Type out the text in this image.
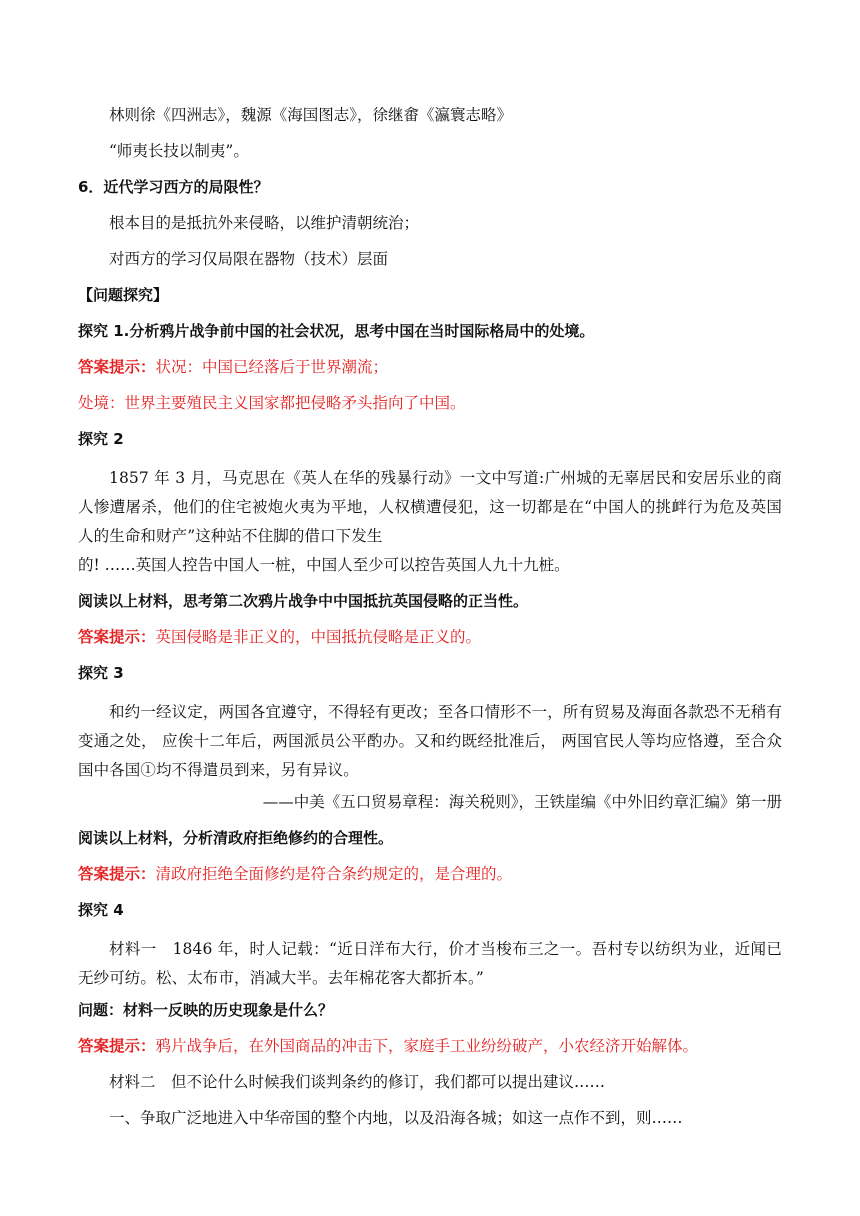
林则徐《四洲志》，魏源《海国图志》，徐继畬《瀛寰志略》

“师夷长技以制夷”。

6．近代学习西方的局限性？

根本目的是抵抗外来侵略，以维护清朝统治；

对西方的学习仅局限在器物（技术）层面

【问题探究】

探究 1.分析鸦片战争前中国的社会状况，思考中国在当时国际格局中的处境。

答案提示：状况：中国已经落后于世界潮流；

处境：世界主要殖民主义国家都把侵略矛头指向了中国。

探究 2

1857 年 3 月，马克思在《英人在华的残暴行动》一文中写道:广州城的无辜居民和安居乐业的商人惨遭屠杀，他们的住宅被炮火夷为平地，人权横遭侵犯，这一切都是在“中国人的挑衅行为危及英国人的生命和财产”这种站不住脚的借口下发生

的! ……英国人控告中国人一桩，中国人至少可以控告英国人九十九桩。

阅读以上材料，思考第二次鸦片战争中中国抵抗英国侵略的正当性。

答案提示：英国侵略是非正义的，中国抵抗侵略是正义的。

探究 3

和约一经议定，两国各宜遵守，不得轻有更改；至各口情形不一，所有贸易及海面各款恐不无稍有变通之处， 应俟十二年后，两国派员公平酌办。又和约既经批准后， 两国官民人等均应恪遵，至合众国中各国①均不得遣员到来，另有异议。

——中美《五口贸易章程：海关税则》，王铁崖编《中外旧约章汇编》第一册

阅读以上材料，分析清政府拒绝修约的合理性。

答案提示：清政府拒绝全面修约是符合条约规定的，是合理的。

探究 4

材料一　1846 年，时人记载：“近日洋布大行，价才当梭布三之一。吾村专以纺织为业，近闻已无纱可纺。松、太布市，消减大半。去年棉花客大都折本。”

问题：材料一反映的历史现象是什么？

答案提示：鸦片战争后，在外国商品的冲击下，家庭手工业纷纷破产，小农经济开始解体。

材料二　但不论什么时候我们谈判条约的修订，我们都可以提出建议……

一、争取广泛地进入中华帝国的整个内地，以及沿海各城；如这一点作不到，则……
